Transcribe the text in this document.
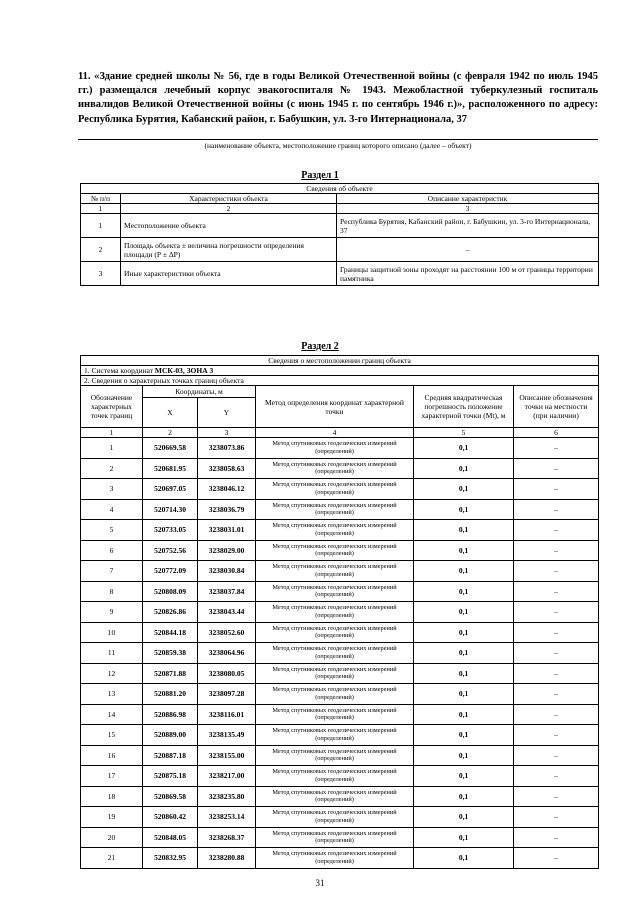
11. «Здание средней школы № 56, где в годы Великой Отечественной войны (с февраля 1942 по июль 1945 гг.) размещался лечебный корпус эвакогоспиталя № 1943. Межобластной туберкулезный госпиталь инвалидов Великой Отечественной войны (с июнь 1945 г. по сентябрь 1946 г.)», расположенного по адресу: Республика Бурятия, Кабанский район, г. Бабушкин, ул. 3-го Интернационала, 37
(наименование объекта, местоположение границ которого описано (далее – объект)
Раздел 1
Сведения об объекте		
№ п/п	Характеристики объекта	Описание характеристик
1	2	3
1	Местоположение объекта	Республика Бурятия, Кабанский район, г. Бабушкин, ул. 3-го Интернационала, 37
2	Площадь объекта ± величина погрешности определения площади (Р ± ΔР)	–
3	Иные характеристики объекта	Границы защитной зоны проходят на расстоянии 100 м от границы территории памятника
Раздел 2
Сведения о местоположении границ объекта					
1. Система координат МСК-03, ЗОНА 3					
2. Сведения о характерных точках границ объекта					
Обозначение характерных точек границ	Координаты, м		Метод определения координат характерной точки	Средняя квадратическая погрешность положение характерной точки (Mt), м	Описание обозначения точки на местности (при наличии)
	X	Y			
1	2	3	4	5	6
1	520669.58	3238073.86	Метод спутниковых геодезических измерений (определений)	0,1	–
2	520681.95	3238058.63	Метод спутниковых геодезических измерений (определений)	0,1	–
3	520697.05	3238046.12	Метод спутниковых геодезических измерений (определений)	0,1	–
4	520714.30	3238036.79	Метод спутниковых геодезических измерений (определений)	0,1	–
5	520733.05	3238031.01	Метод спутниковых геодезических измерений (определений)	0,1	–
6	520752.56	3238029.00	Метод спутниковых геодезических измерений (определений)	0,1	–
7	520772.09	3238030.84	Метод спутниковых геодезических измерений (определений)	0,1	–
8	520808.09	3238037.84	Метод спутниковых геодезических измерений (определений)	0,1	–
9	520826.86	3238043.44	Метод спутниковых геодезических измерений (определений)	0,1	–
10	520844.18	3238052.60	Метод спутниковых геодезических измерений (определений)	0,1	–
11	520859.38	3238064.96	Метод спутниковых геодезических измерений (определений)	0,1	–
12	520871.88	3238080.05	Метод спутниковых геодезических измерений (определений)	0,1	–
13	520881.20	3238097.28	Метод спутниковых геодезических измерений (определений)	0,1	–
14	520886.98	3238116.01	Метод спутниковых геодезических измерений (определений)	0,1	–
15	520889.00	3238135.49	Метод спутниковых геодезических измерений (определений)	0,1	–
16	520887.18	3238155.00	Метод спутниковых геодезических измерений (определений)	0,1	–
17	520875.18	3238217.00	Метод спутниковых геодезических измерений (определений)	0,1	–
18	520869.58	3238235.80	Метод спутниковых геодезических измерений (определений)	0,1	–
19	520860.42	3238253.14	Метод спутниковых геодезических измерений (определений)	0,1	–
20	520848.05	3238268.37	Метод спутниковых геодезических измерений (определений)	0,1	–
21	520832.95	3238280.88	Метод спутниковых геодезических измерений (определений)	0,1	–
31
